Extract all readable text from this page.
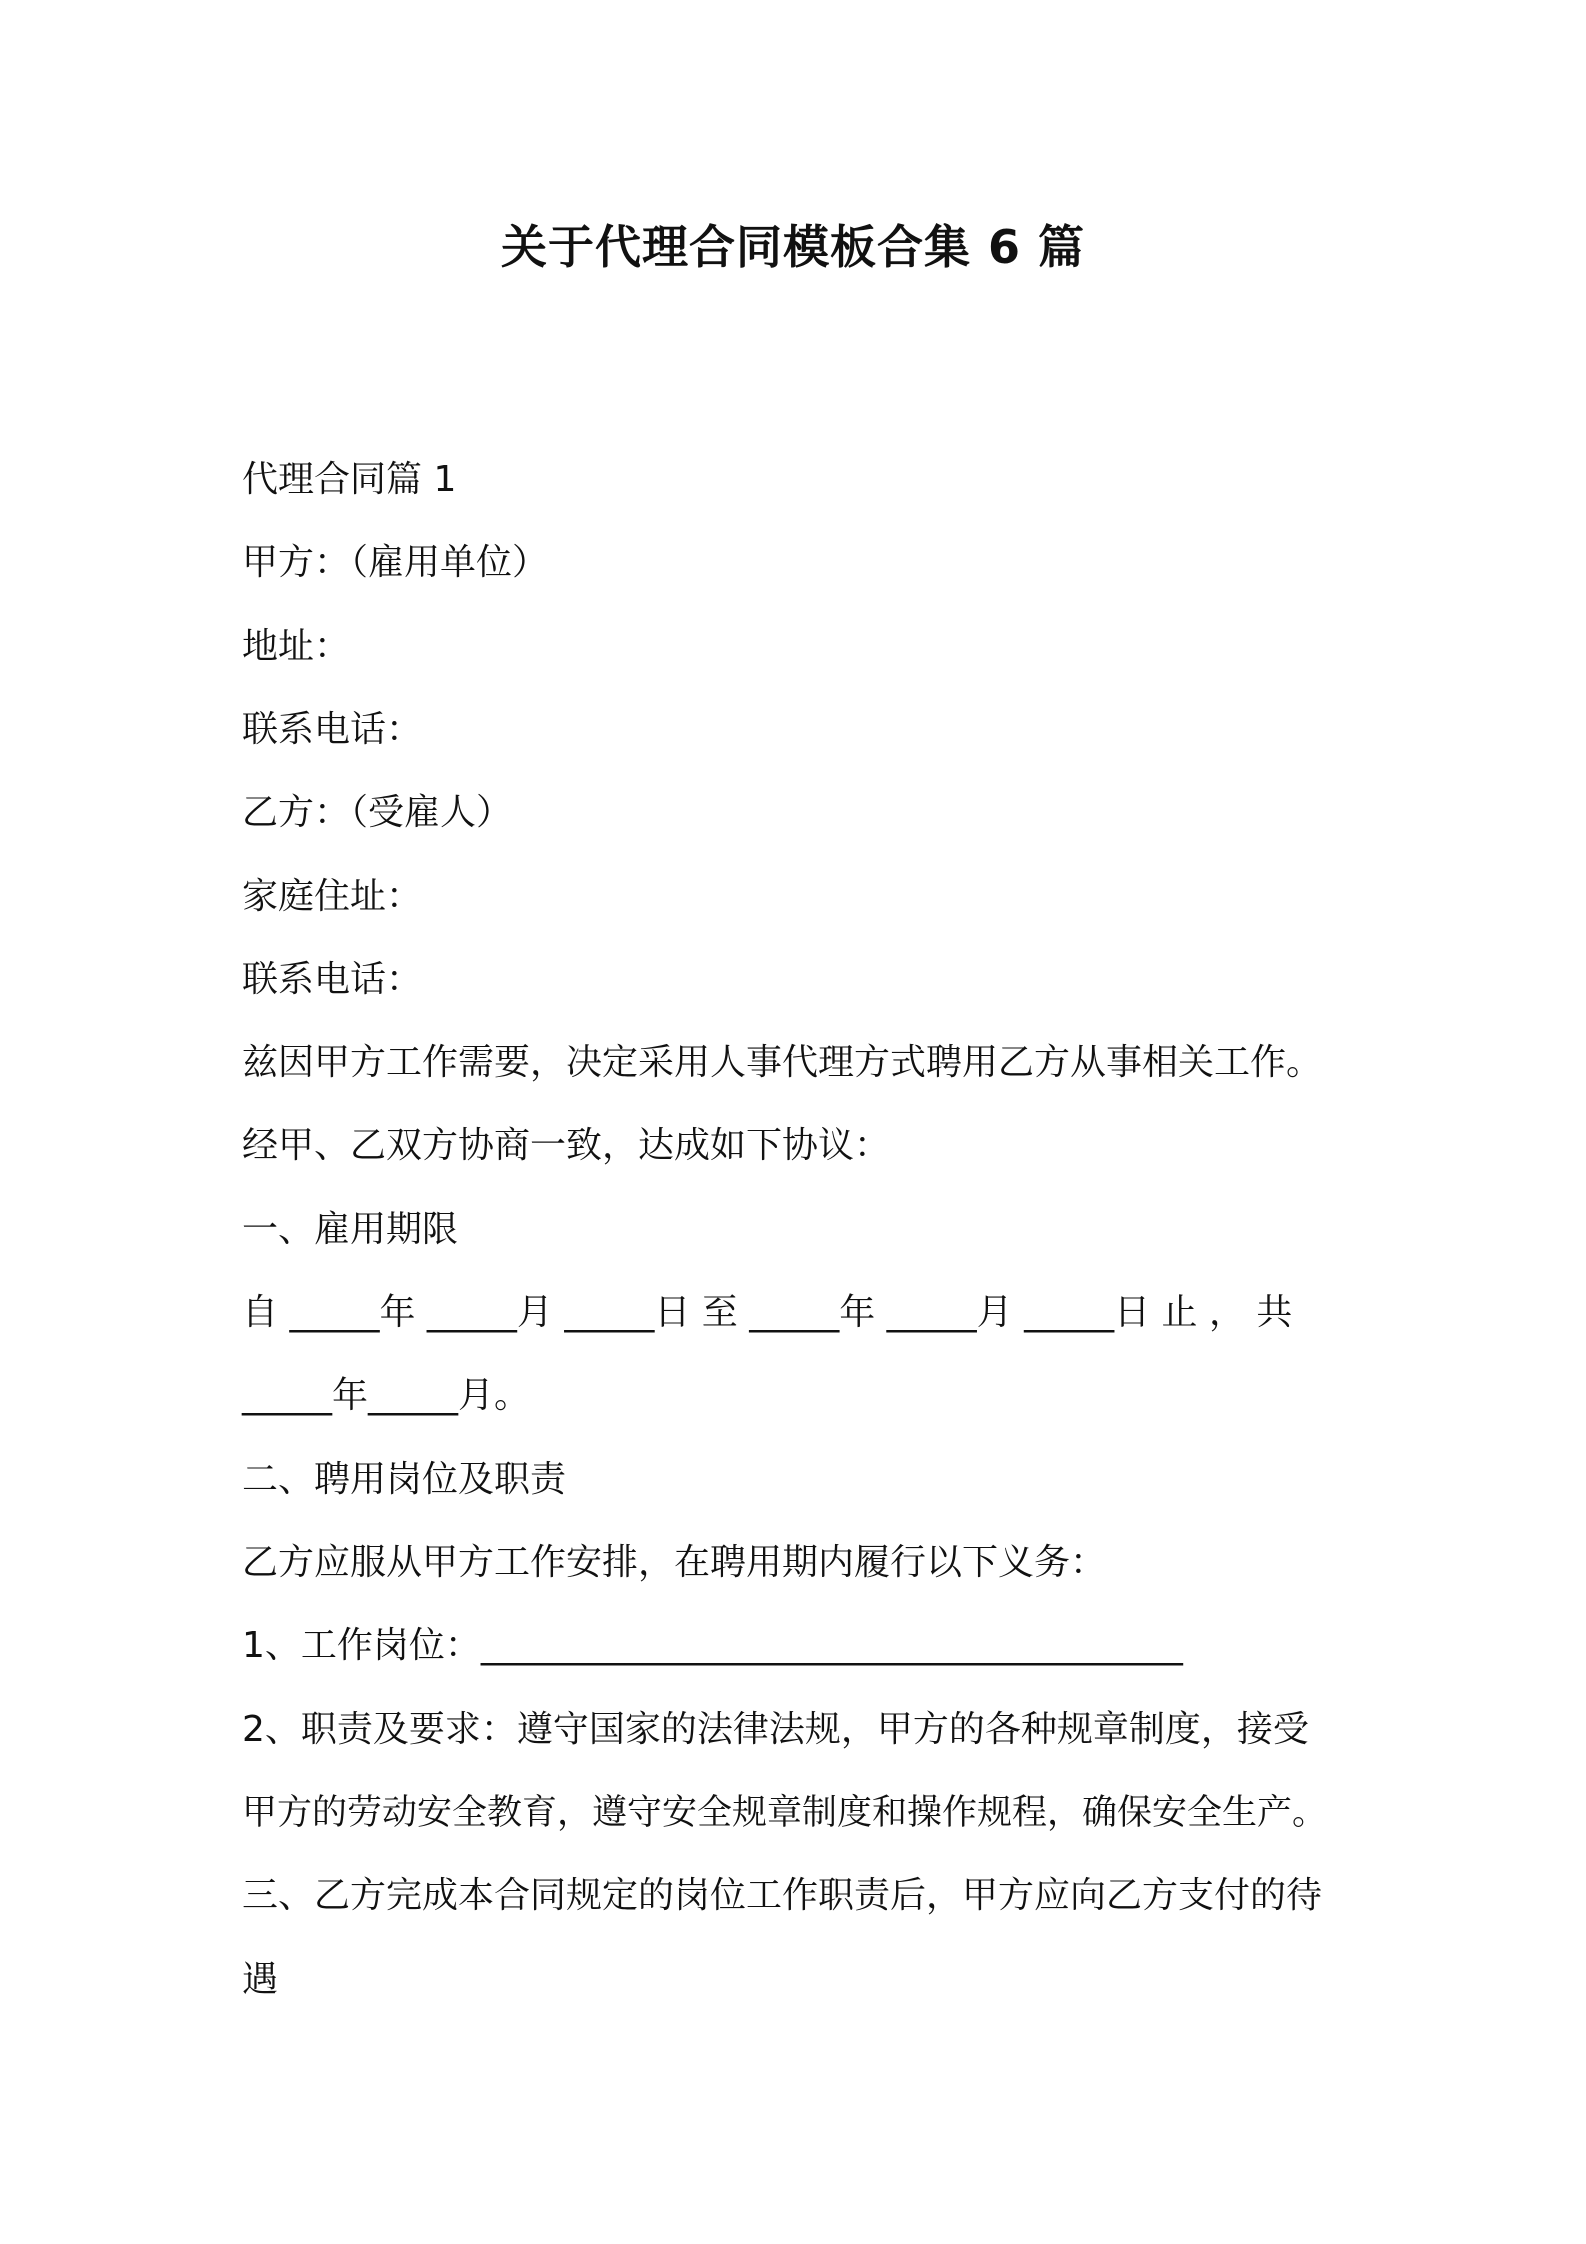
关于代理合同模板合集 6 篇

代理合同篇 1

甲方：（雇用单位）

地址：

联系电话：

乙方：（受雇人）

家庭住址：

联系电话：

兹因甲方工作需要，决定采用人事代理方式聘用乙方从事相关工作。

经甲、乙双方协商一致，达成如下协议：

一、雇用期限

自 _____年 _____月 _____日 至 _____年 _____月 _____日 止 ， 共

_____年_____月。

二、聘用岗位及职责

乙方应服从甲方工作安排，在聘用期内履行以下义务：

1、工作岗位：_______________________________________

2、职责及要求：遵守国家的法律法规，甲方的各种规章制度，接受

甲方的劳动安全教育，遵守安全规章制度和操作规程，确保安全生产。

三、乙方完成本合同规定的岗位工作职责后，甲方应向乙方支付的待

遇
